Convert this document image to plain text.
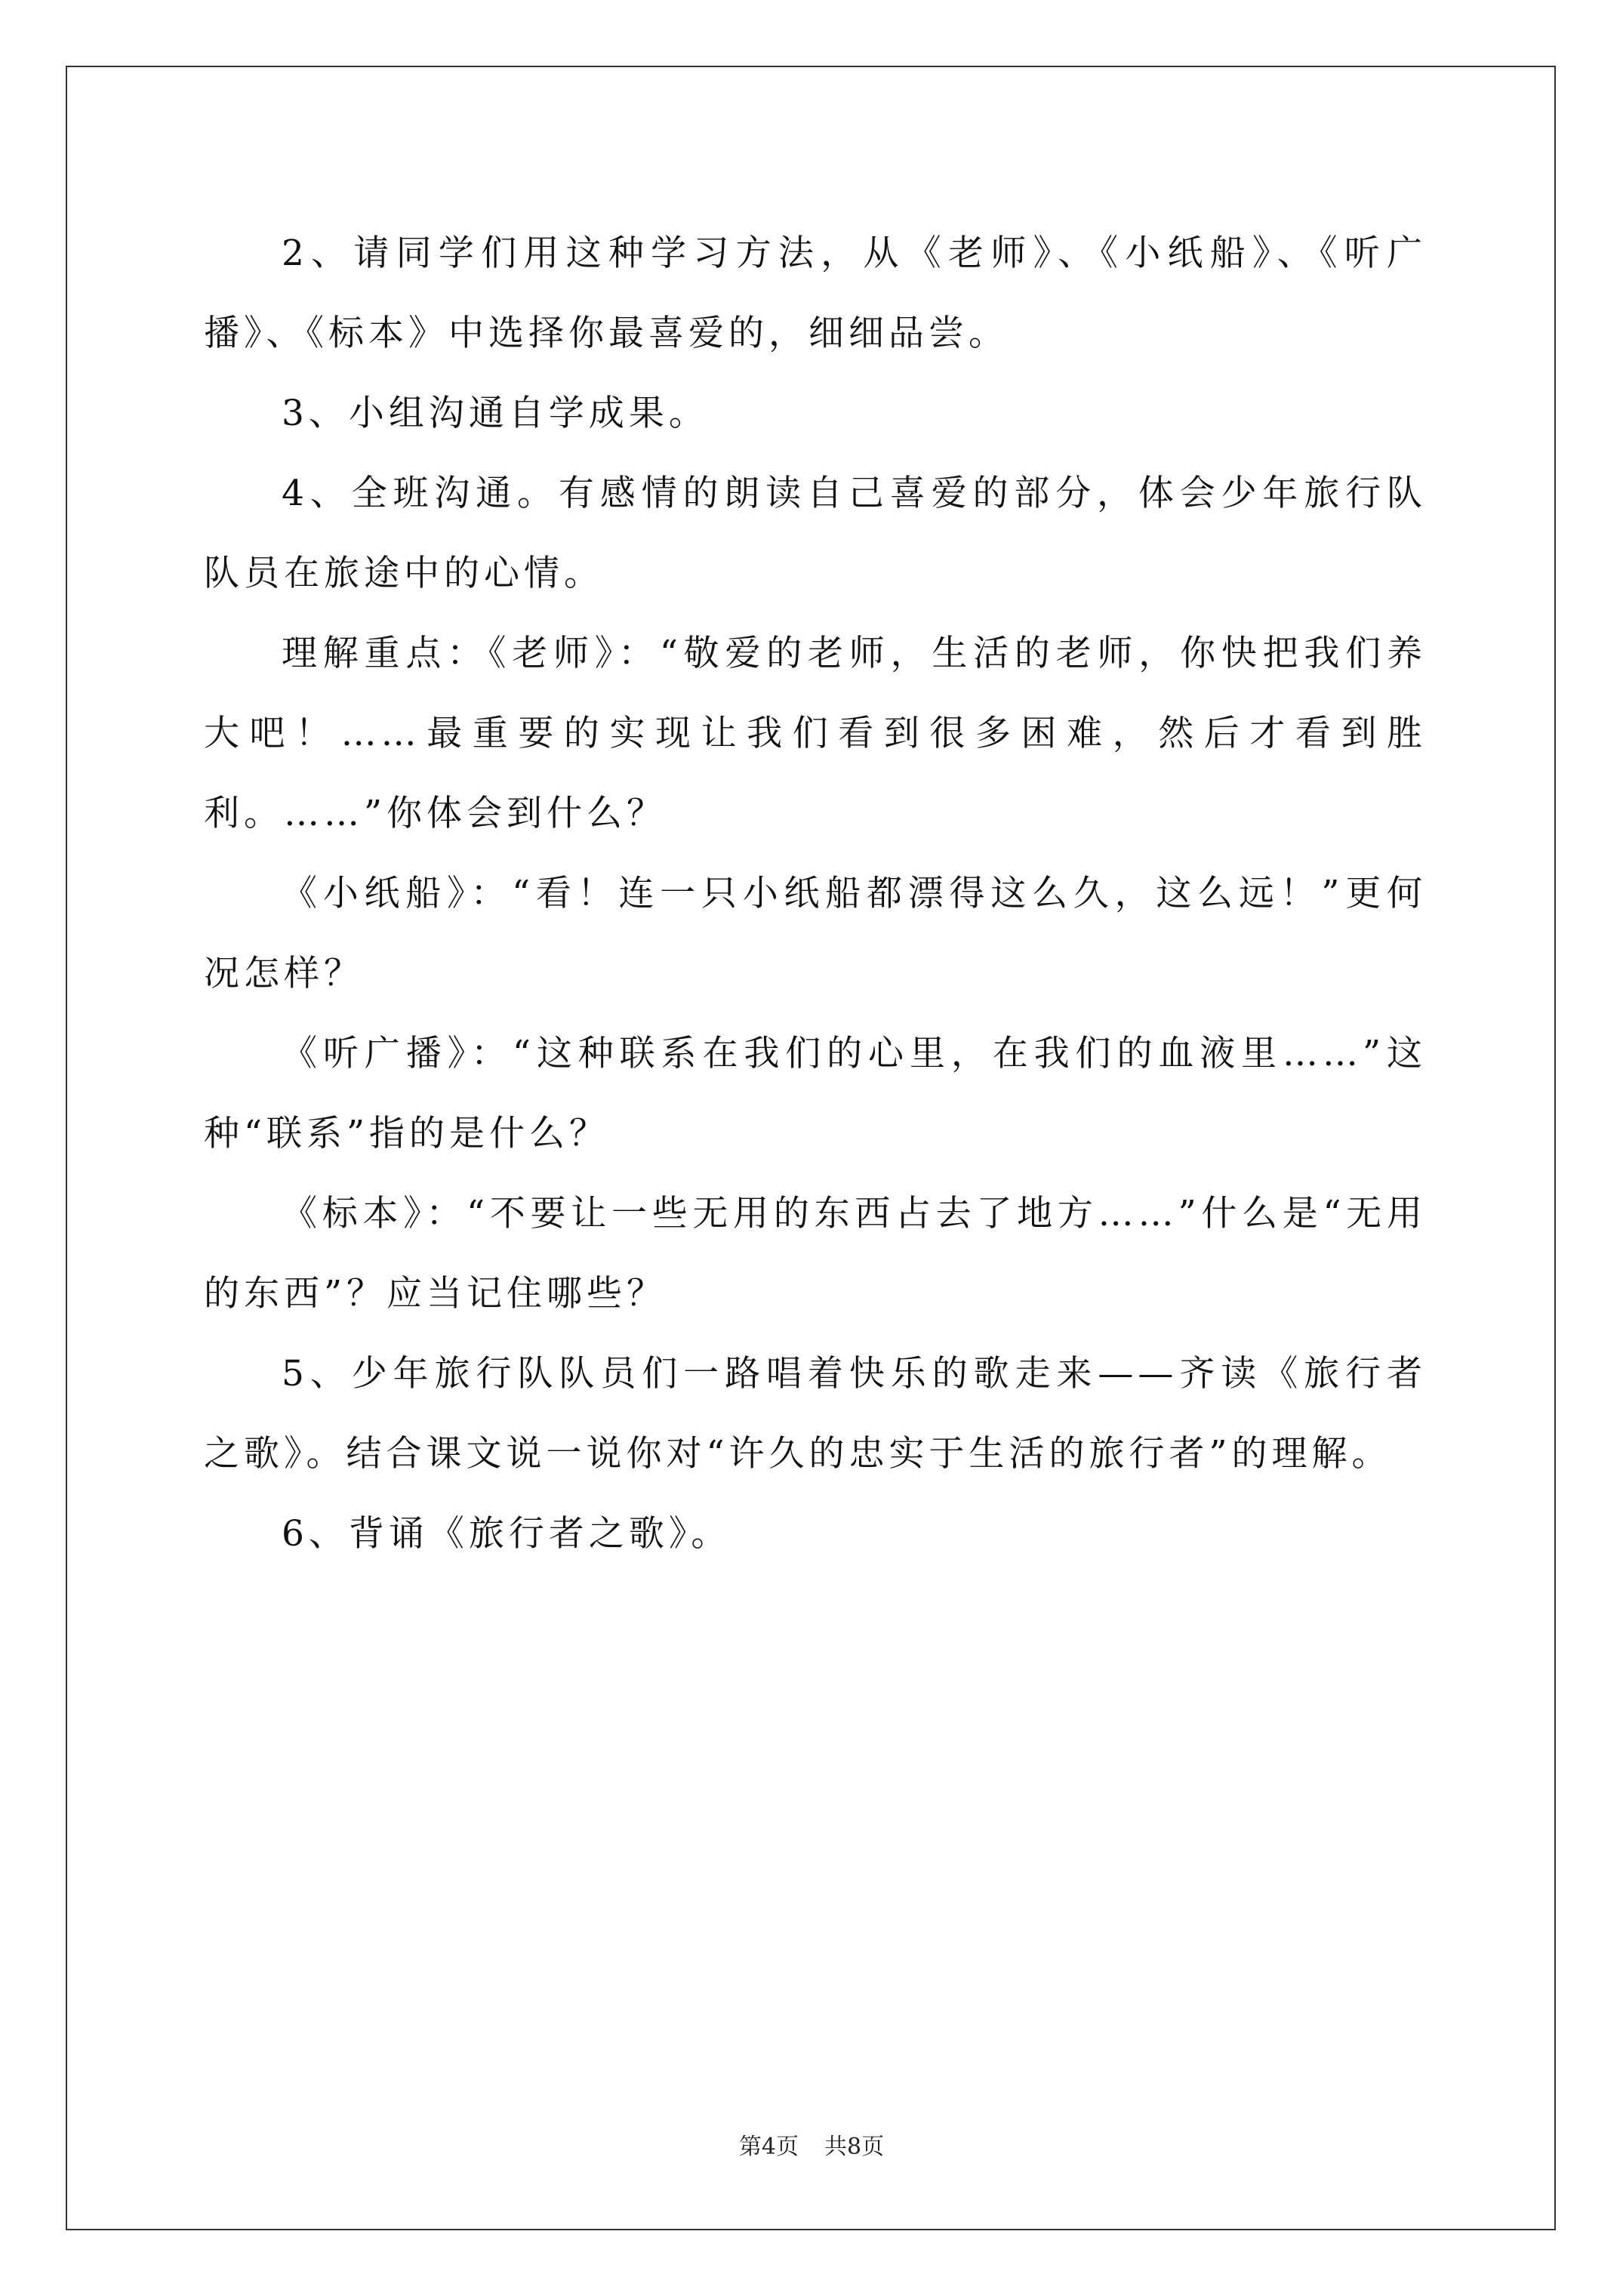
2、请同学们用这种学习方法，从《老师》、《小纸船》、《听广播》、《标本》中选择你最喜爱的，细细品尝。

3、小组沟通自学成果。

4、全班沟通。有感情的朗读自己喜爱的部分，体会少年旅行队队员在旅途中的心情。

理解重点：《老师》：“敬爱的老师，生活的老师，你快把我们养大吧！……最重要的实现让我们看到很多困难，然后才看到胜利。……”你体会到什么？

《小纸船》：“看！连一只小纸船都漂得这么久，这么远！”更何况怎样？

《听广播》：“这种联系在我们的心里，在我们的血液里……”这种“联系”指的是什么？

《标本》：“不要让一些无用的东西占去了地方……”什么是“无用的东西”？应当记住哪些？

5、少年旅行队队员们一路唱着快乐的歌走来——齐读《旅行者之歌》。结合课文说一说你对“许久的忠实于生活的旅行者”的理解。

6、背诵《旅行者之歌》。

第4页 共8页
